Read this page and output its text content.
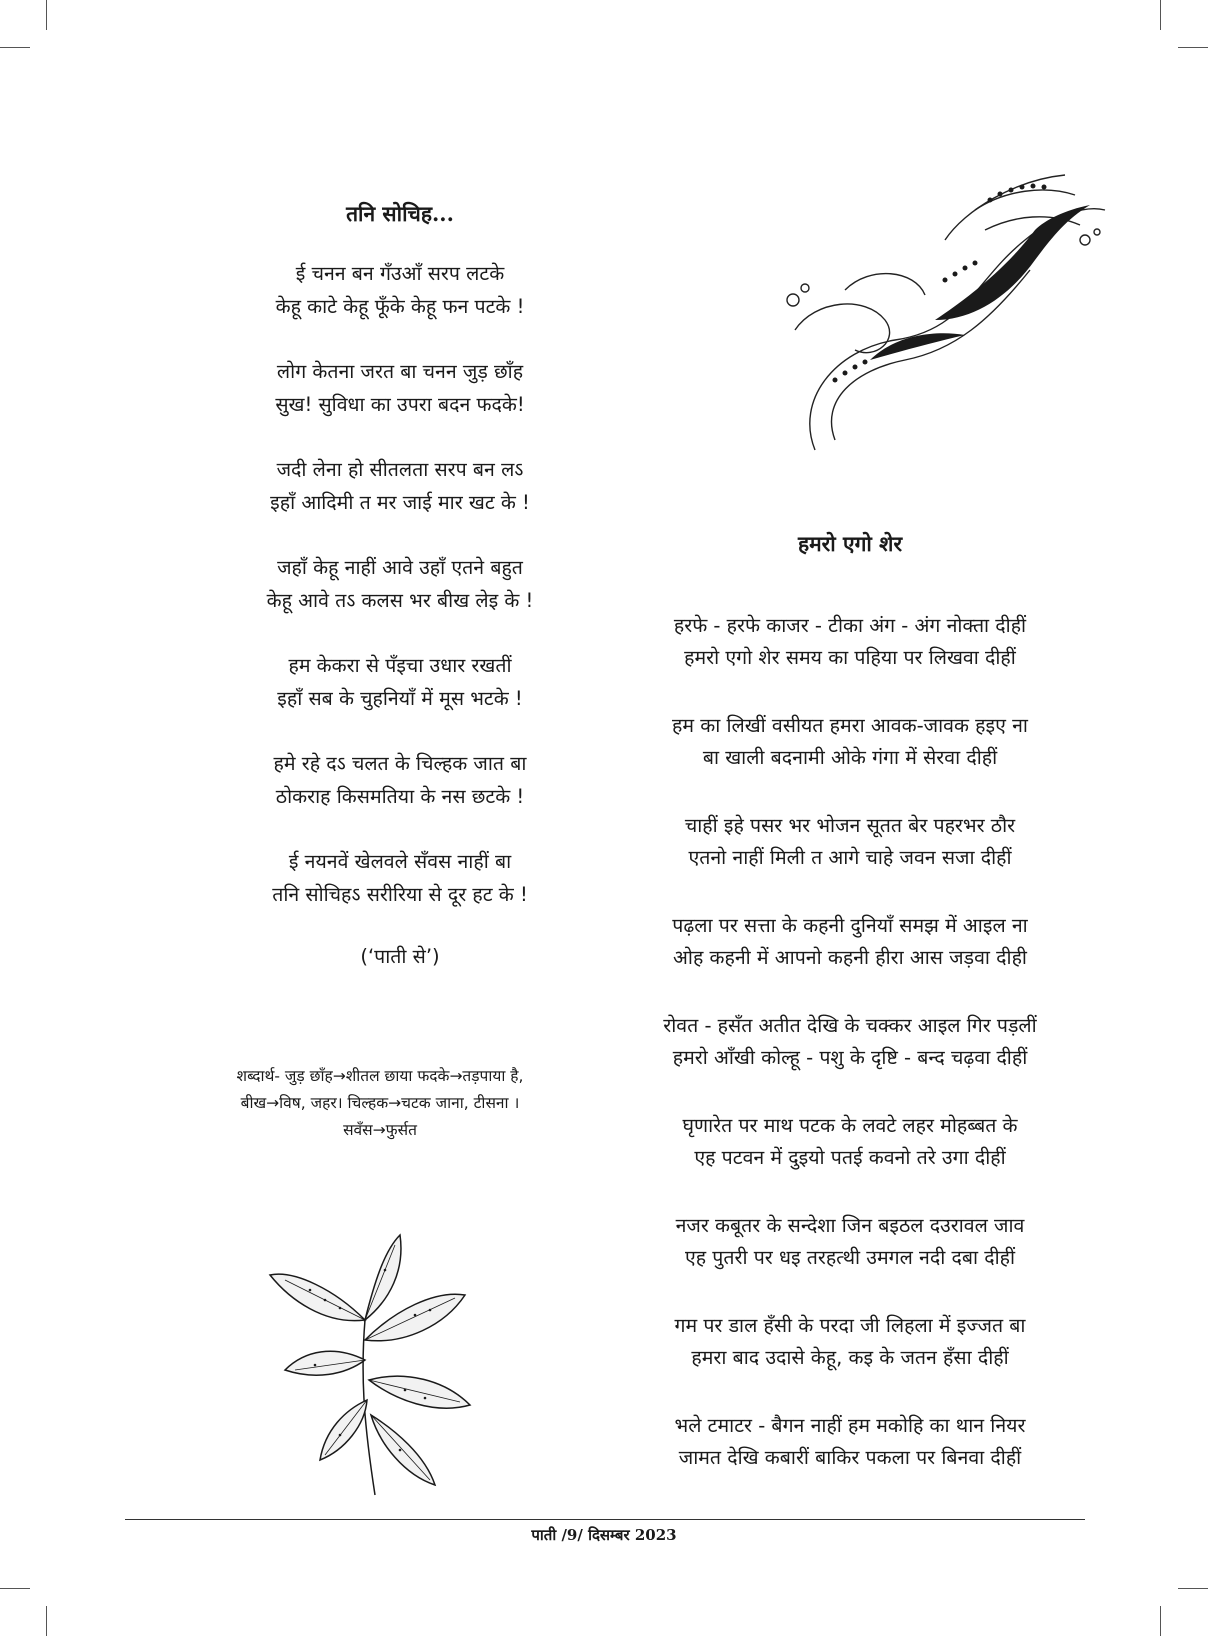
तनि सोचिह...
ई चनन बन गँउआँ सरप लटके
केहू काटे केहू फूँके केहू फन पटके !
लोग केतना जरत बा चनन जुड़ छाँह
सुख! सुविधा का उपरा बदन फदके!
जदी लेना हो सीतलता सरप बन लऽ
इहाँ आदिमी त मर जाई मार खट के !
जहाँ केहू नाहीं आवे उहाँ एतने बहुत
केहू आवे तऽ कलस भर बीख लेइ के !
हम केकरा से पँइचा उधार रखतीं
इहाँ सब के चुहनियाँ में मूस भटके !
हमे रहे दऽ चलत के चिल्हक जात बा
ठोकराह किसमतिया के नस छटके !
ई नयनवें खेलवले सँवस नाहीं बा
तनि सोचिहऽ सरीरिया से दूर हट के !
(‘पाती से’)
शब्दार्थ- जुड़ छाँह→शीतल छाया फदके→तड़पाया है,
बीख→विष, जहर। चिल्हक→चटक जाना, टीसना ।
सवँस→फुर्सत
हमरो एगो शेर
हरफे - हरफे काजर - टीका अंग - अंग नोक्ता दीहीं
हमरो एगो शेर समय का पहिया पर लिखवा दीहीं
हम का लिखीं वसीयत हमरा आवक-जावक हइए ना
बा खाली बदनामी ओके गंगा में सेरवा दीहीं
चाहीं इहे पसर भर भोजन सूतत बेर पहरभर ठौर
एतनो नाहीं मिली त आगे चाहे जवन सजा दीहीं
पढ़ला पर सत्ता के कहनी दुनियाँ समझ में आइल ना
ओह कहनी में आपनो कहनी हीरा आस जड़वा दीही
रोवत - हसँत अतीत देखि के चक्कर आइल गिर पड़लीं
हमरो आँखी कोल्हू - पशु के दृष्टि - बन्द चढ़वा दीहीं
घृणारेत पर माथ पटक के लवटे लहर मोहब्बत के
एह पटवन में दुइयो पतई कवनो तरे उगा दीहीं
नजर कबूतर के सन्देशा जिन बइठल दउरावल जाव
एह पुतरी पर धइ तरहत्थी उमगल नदी दबा दीहीं
गम पर डाल हँसी के परदा जी लिहला में इज्जत बा
हमरा बाद उदासे केहू, कइ के जतन हँसा दीहीं
भले टमाटर - बैगन नाहीं हम मकोहि का थान नियर
जामत देखि कबारीं बाकिर पकला पर बिनवा दीहीं
पाती /9/ दिसम्बर 2023
